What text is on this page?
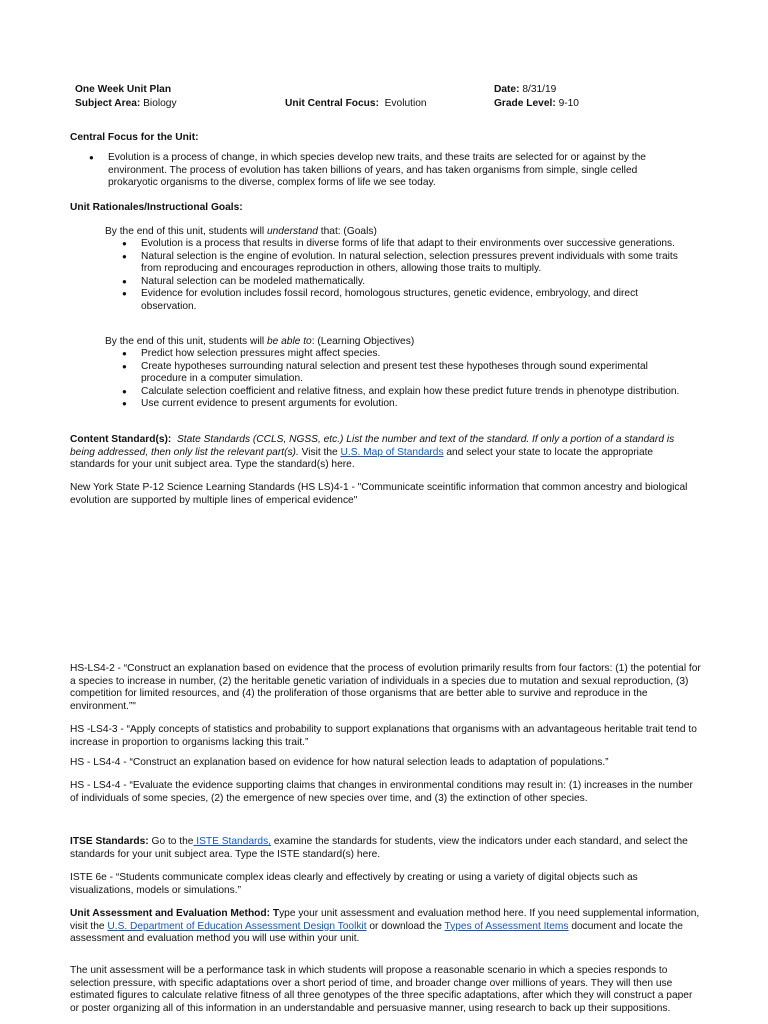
One Week Unit Plan	Date: 8/31/19
Subject Area: Biology	Unit Central Focus: Evolution	Grade Level: 9-10

Central Focus for the Unit:

● Evolution is a process of change, in which species develop new traits, and these traits are selected for or against by the environment. The process of evolution has taken billions of years, and has taken organisms from simple, single celled prokaryotic organisms to the diverse, complex forms of life we see today.

Unit Rationales/Instructional Goals:

By the end of this unit, students will understand that: (Goals)

● Evolution is a process that results in diverse forms of life that adapt to their environments over successive generations.
● Natural selection is the engine of evolution. In natural selection, selection pressures prevent individuals with some traits from reproducing and encourages reproduction in others, allowing those traits to multiply.
● Natural selection can be modeled mathematically.
● Evidence for evolution includes fossil record, homologous structures, genetic evidence, embryology, and direct observation.

By the end of this unit, students will be able to: (Learning Objectives)

● Predict how selection pressures might affect species.
● Create hypotheses surrounding natural selection and present test these hypotheses through sound experimental procedure in a computer simulation.
● Calculate selection coefficient and relative fitness, and explain how these predict future trends in phenotype distribution.
● Use current evidence to present arguments for evolution.

Content Standard(s): State Standards (CCLS, NGSS, etc.) List the number and text of the standard. If only a portion of a standard is being addressed, then only list the relevant part(s). Visit the U.S. Map of Standards and select your state to locate the appropriate standards for your unit subject area. Type the standard(s) here.

New York State P-12 Science Learning Standards (HS LS)4-1 - "Communicate sceintific information that common ancestry and biological evolution are supported by multiple lines of emperical evidence"

HS-LS4-2 - “Construct an explanation based on evidence that the process of evolution primarily results from four factors: (1) the potential for a species to increase in number, (2) the heritable genetic variation of individuals in a species due to mutation and sexual reproduction, (3) competition for limited resources, and (4) the proliferation of those organisms that are better able to survive and reproduce in the environment.”"

HS -LS4-3 - “Apply concepts of statistics and probability to support explanations that organisms with an advantageous heritable trait tend to increase in proportion to organisms lacking this trait.”

HS - LS4-4 - “Construct an explanation based on evidence for how natural selection leads to adaptation of populations.”

HS - LS4-4 - “Evaluate the evidence supporting claims that changes in environmental conditions may result in: (1) increases in the number of individuals of some species, (2) the emergence of new species over time, and (3) the extinction of other species.

ITSE Standards: Go to the ISTE Standards, examine the standards for students, view the indicators under each standard, and select the standards for your unit subject area. Type the ISTE standard(s) here.

ISTE 6e - “Students communicate complex ideas clearly and effectively by creating or using a variety of digital objects such as visualizations, models or simulations.”

Unit Assessment and Evaluation Method: Type your unit assessment and evaluation method here. If you need supplemental information, visit the U.S. Department of Education Assessment Design Toolkit or download the Types of Assessment Items document and locate the assessment and evaluation method you will use within your unit.

The unit assessment will be a performance task in which students will propose a reasonable scenario in which a species responds to selection pressure, with specific adaptations over a short period of time, and broader change over millions of years. They will then use estimated figures to calculate relative fitness of all three genotypes of the three specific adaptations, after which they will construct a paper or poster organizing all of this information in an understandable and persuasive manner, using research to back up their suppositions.
